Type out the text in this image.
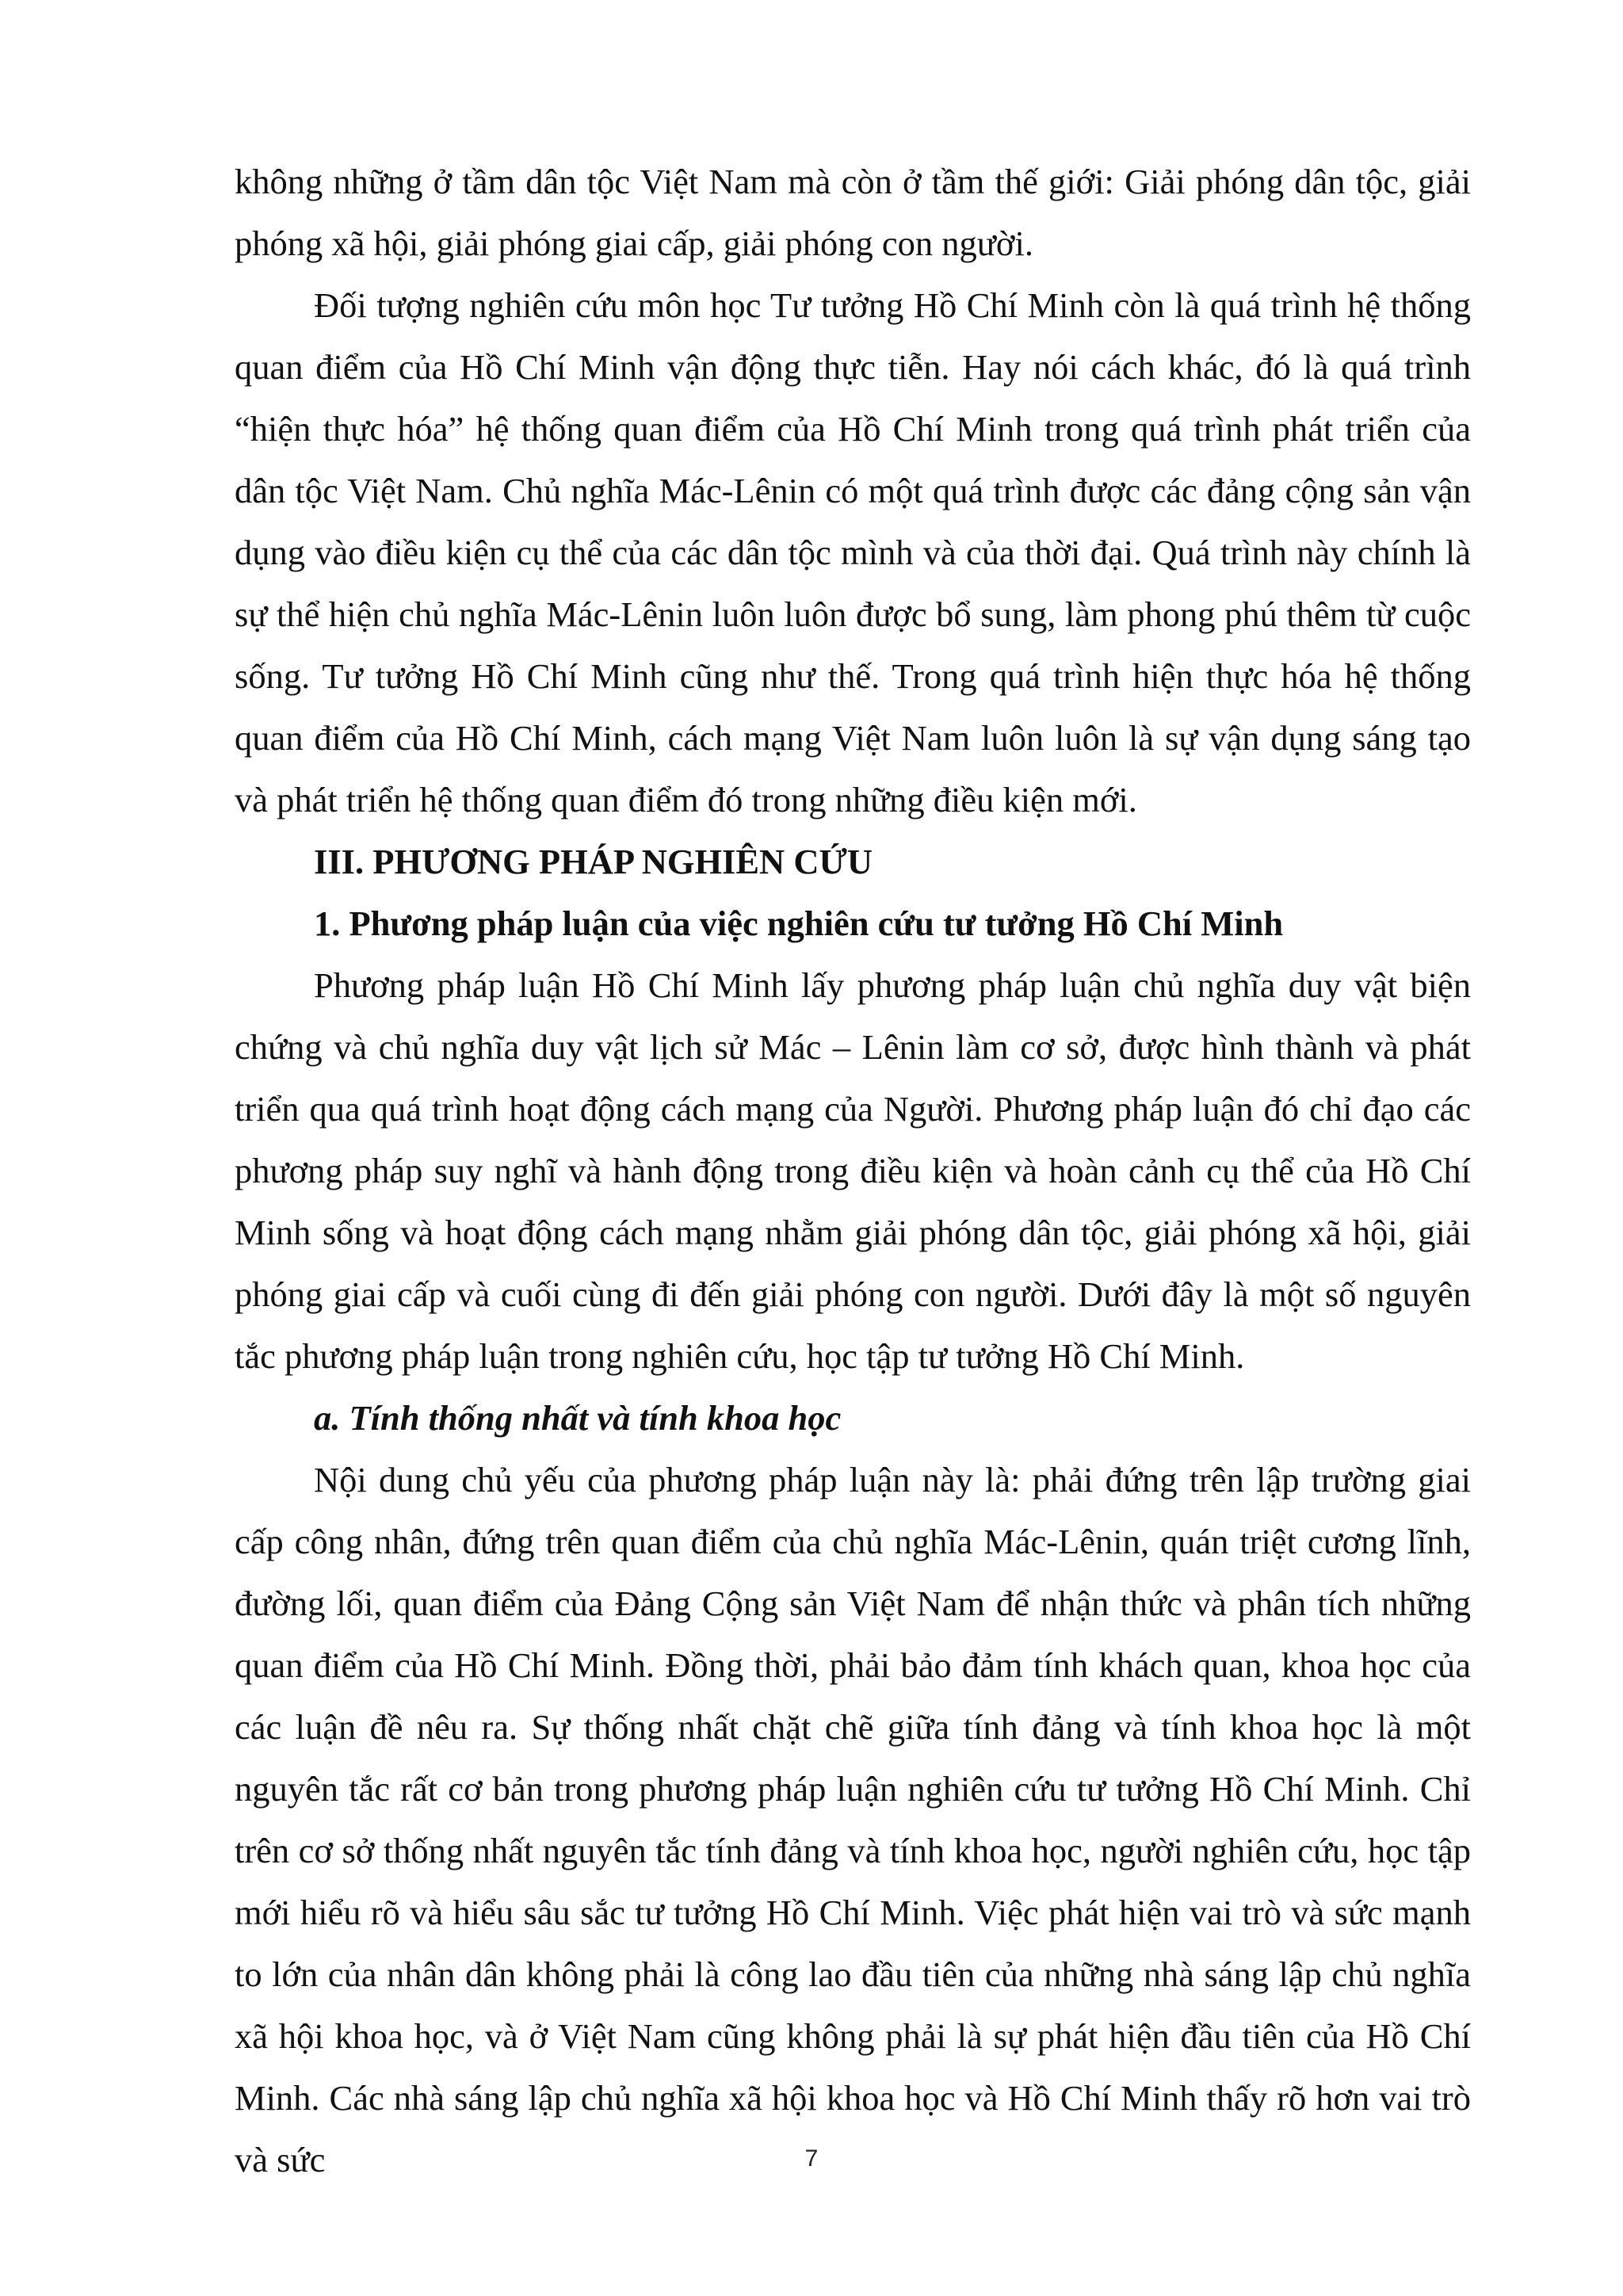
không những ở tầm dân tộc Việt Nam mà còn ở tầm thế giới: Giải phóng dân tộc, giải phóng xã hội, giải phóng giai cấp, giải phóng con người.

Đối tượng nghiên cứu môn học Tư tưởng Hồ Chí Minh còn là quá trình hệ thống quan điểm của Hồ Chí Minh vận động thực tiễn. Hay nói cách khác, đó là quá trình “hiện thực hóa” hệ thống quan điểm của Hồ Chí Minh trong quá trình phát triển của dân tộc Việt Nam. Chủ nghĩa Mác-Lênin có một quá trình được các đảng cộng sản vận dụng vào điều kiện cụ thể của các dân tộc mình và của thời đại. Quá trình này chính là sự thể hiện chủ nghĩa Mác-Lênin luôn luôn được bổ sung, làm phong phú thêm từ cuộc sống. Tư tưởng Hồ Chí Minh cũng như thế. Trong quá trình hiện thực hóa hệ thống quan điểm của Hồ Chí Minh, cách mạng Việt Nam luôn luôn là sự vận dụng sáng tạo và phát triển hệ thống quan điểm đó trong những điều kiện mới.

III. PHƯƠNG PHÁP NGHIÊN CỨU

1. Phương pháp luận của việc nghiên cứu tư tưởng Hồ Chí Minh

Phương pháp luận Hồ Chí Minh lấy phương pháp luận chủ nghĩa duy vật biện chứng và chủ nghĩa duy vật lịch sử Mác – Lênin làm cơ sở, được hình thành và phát triển qua quá trình hoạt động cách mạng của Người. Phương pháp luận đó chỉ đạo các phương pháp suy nghĩ và hành động trong điều kiện và hoàn cảnh cụ thể của Hồ Chí Minh sống và hoạt động cách mạng nhằm giải phóng dân tộc, giải phóng xã hội, giải phóng giai cấp và cuối cùng đi đến giải phóng con người. Dưới đây là một số nguyên tắc phương pháp luận trong nghiên cứu, học tập tư tưởng Hồ Chí Minh.

a. Tính thống nhất và tính khoa học

Nội dung chủ yếu của phương pháp luận này là: phải đứng trên lập trường giai cấp công nhân, đứng trên quan điểm của chủ nghĩa Mác-Lênin, quán triệt cương lĩnh, đường lối, quan điểm của Đảng Cộng sản Việt Nam để nhận thức và phân tích những quan điểm của Hồ Chí Minh. Đồng thời, phải bảo đảm tính khách quan, khoa học của các luận đề nêu ra. Sự thống nhất chặt chẽ giữa tính đảng và tính khoa học là một nguyên tắc rất cơ bản trong phương pháp luận nghiên cứu tư tưởng Hồ Chí Minh. Chỉ trên cơ sở thống nhất nguyên tắc tính đảng và tính khoa học, người nghiên cứu, học tập mới hiểu rõ và hiểu sâu sắc tư tưởng Hồ Chí Minh. Việc phát hiện vai trò và sức mạnh to lớn của nhân dân không phải là công lao đầu tiên của những nhà sáng lập chủ nghĩa xã hội khoa học, và ở Việt Nam cũng không phải là sự phát hiện đầu tiên của Hồ Chí Minh. Các nhà sáng lập chủ nghĩa xã hội khoa học và Hồ Chí Minh thấy rõ hơn vai trò và sức	7
